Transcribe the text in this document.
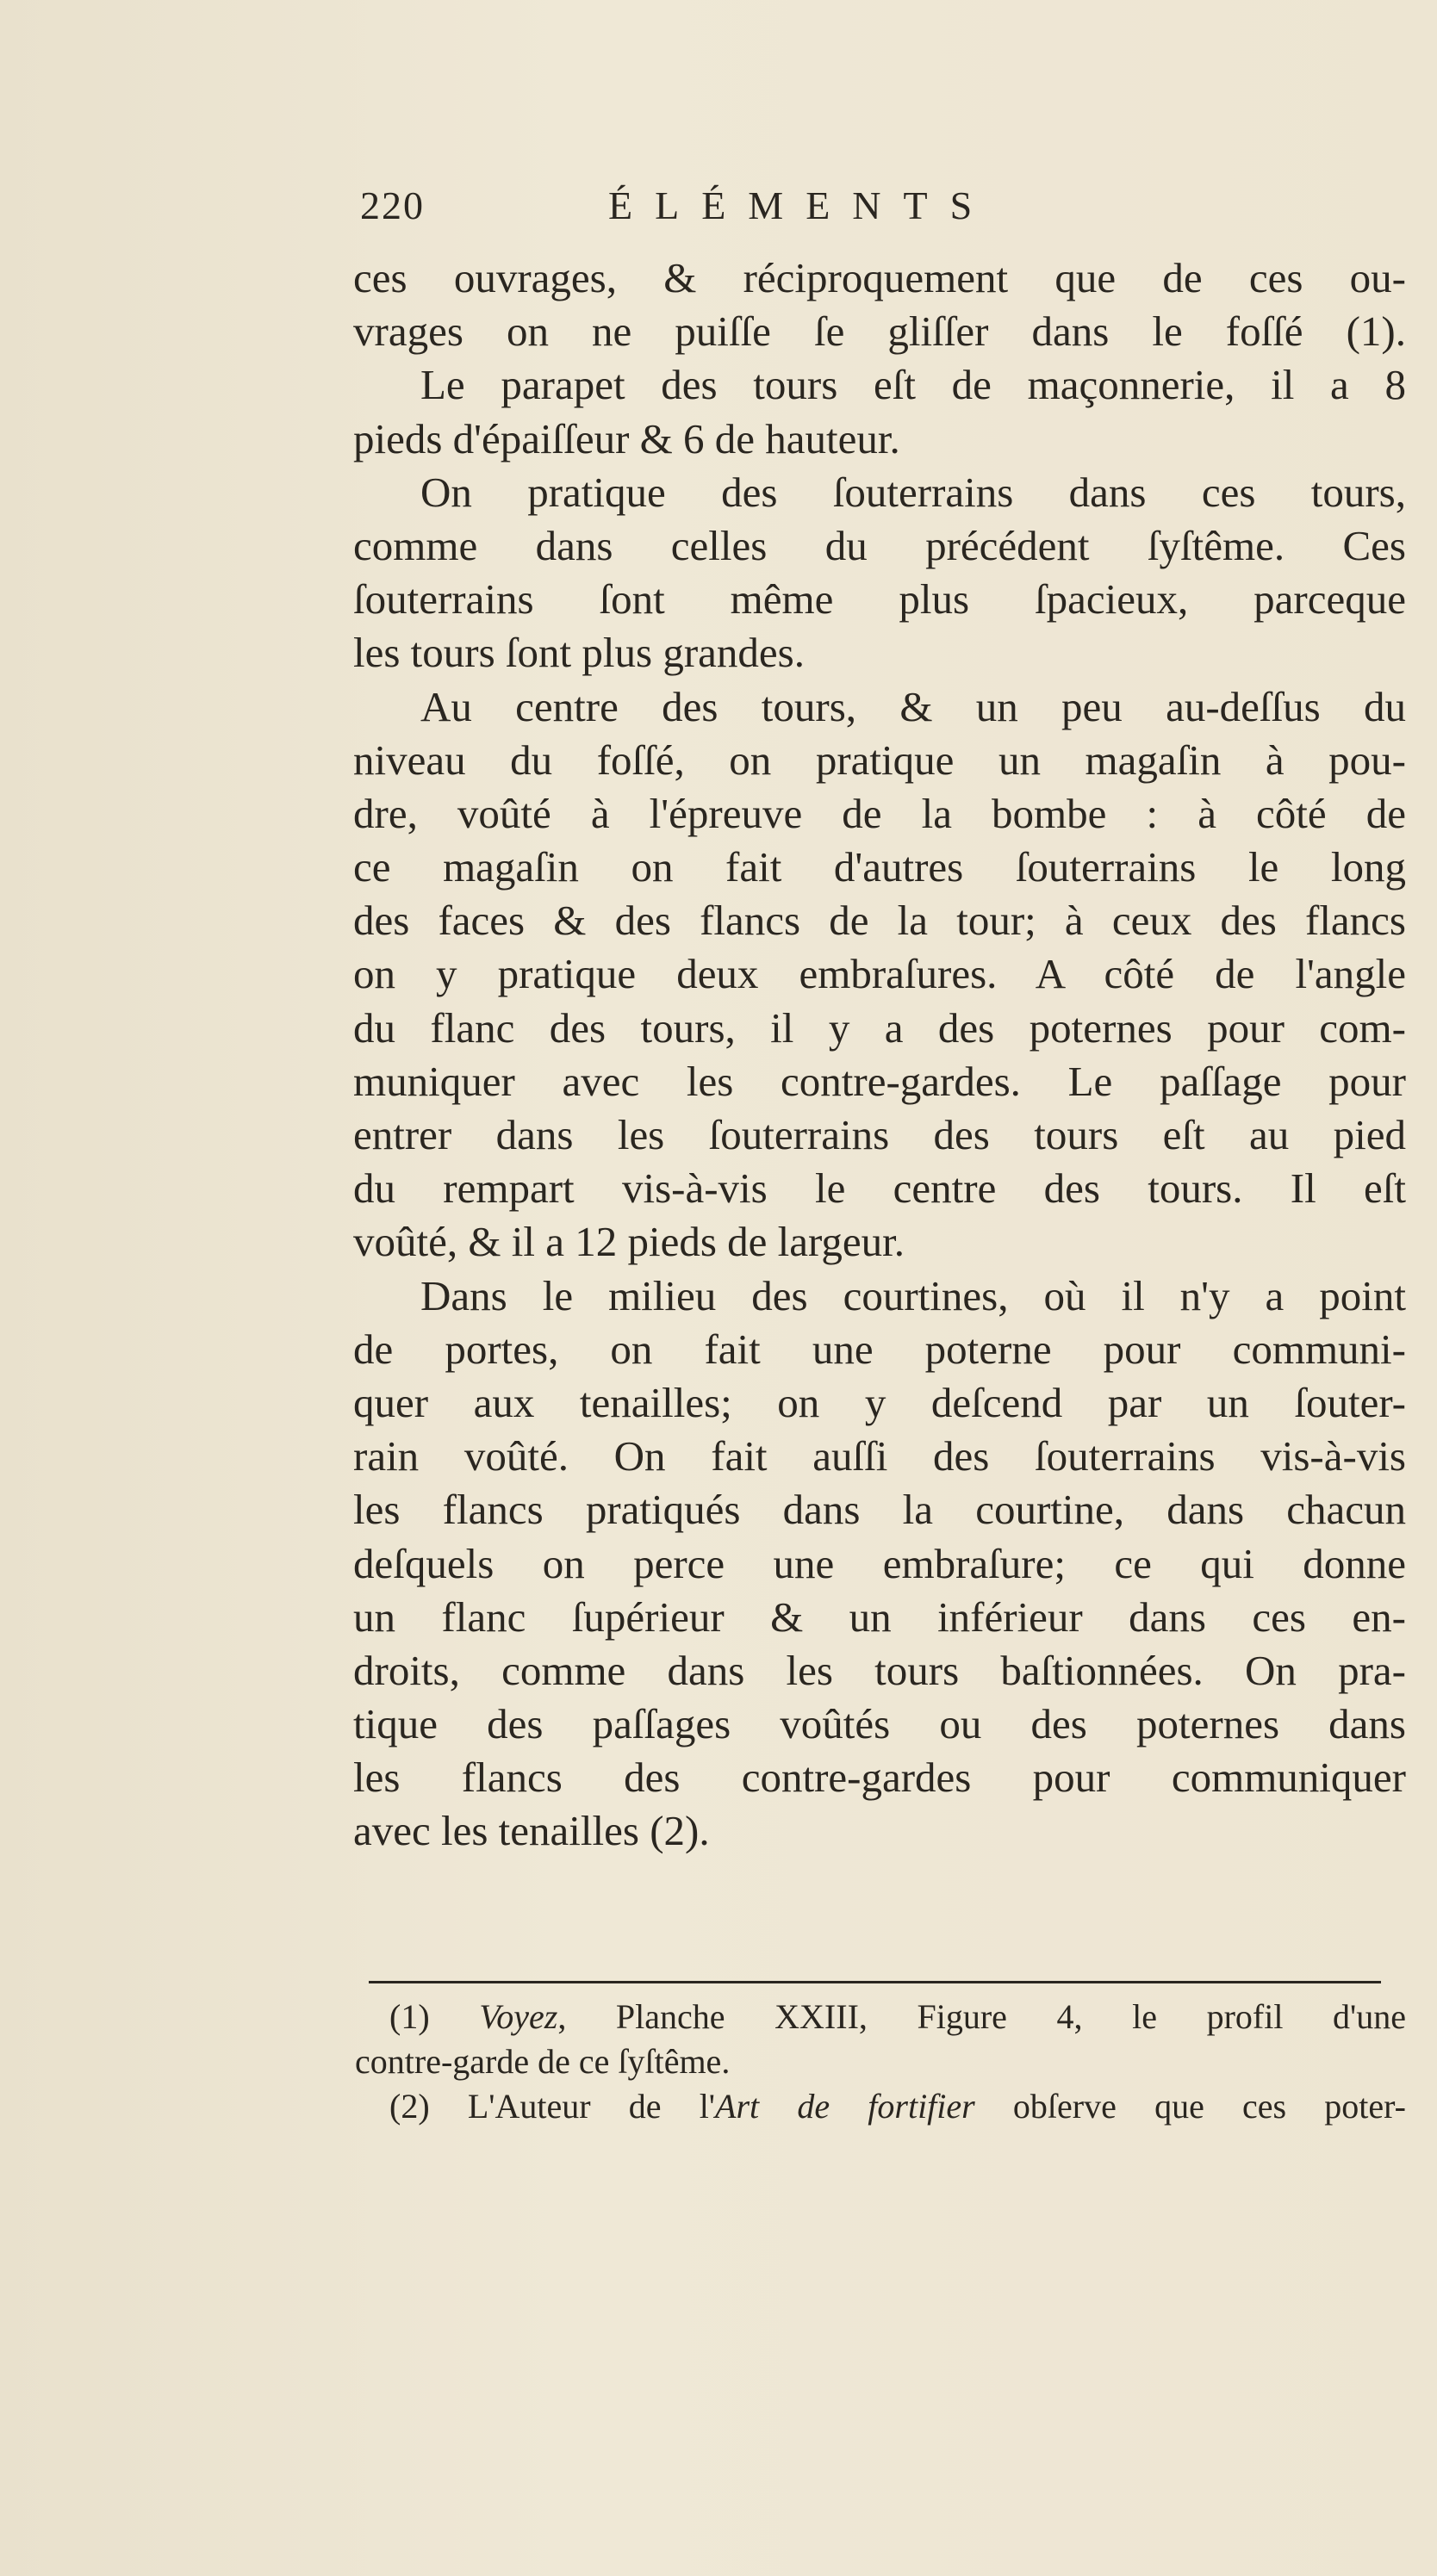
220	ÉLÉMENTS
ces ouvrages, & réciproquement que de ces ou-
vrages on ne puiſſe ſe gliſſer dans le foſſé (1).
Le parapet des tours eſt de maçonnerie, il a 8
pieds d'épaiſſeur & 6 de hauteur.
On pratique des ſouterrains dans ces tours,
comme dans celles du précédent ſyſtême. Ces
ſouterrains ſont même plus ſpacieux, parceque
les tours ſont plus grandes.
Au centre des tours, & un peu au-deſſus du
niveau du foſſé, on pratique un magaſin à pou-
dre, voûté à l'épreuve de la bombe : à côté de
ce magaſin on fait d'autres ſouterrains le long
des faces & des flancs de la tour; à ceux des flancs
on y pratique deux embraſures. A côté de l'angle
du flanc des tours, il y a des poternes pour com-
muniquer avec les contre-gardes. Le paſſage pour
entrer dans les ſouterrains des tours eſt au pied
du rempart vis-à-vis le centre des tours. Il eſt
voûté, & il a 12 pieds de largeur.
Dans le milieu des courtines, où il n'y a point
de portes, on fait une poterne pour communi-
quer aux tenailles; on y deſcend par un ſouter-
rain voûté. On fait auſſi des ſouterrains vis-à-vis
les flancs pratiqués dans la courtine, dans chacun
deſquels on perce une embraſure; ce qui donne
un flanc ſupérieur & un inférieur dans ces en-
droits, comme dans les tours baſtionnées. On pra-
tique des paſſages voûtés ou des poternes dans
les flancs des contre-gardes pour communiquer
avec les tenailles (2).
(1) Voyez, Planche XXIII, Figure 4, le profil d'une
contre-garde de ce ſyſtême.
(2) L'Auteur de l'Art de fortifier obſerve que ces poter-
